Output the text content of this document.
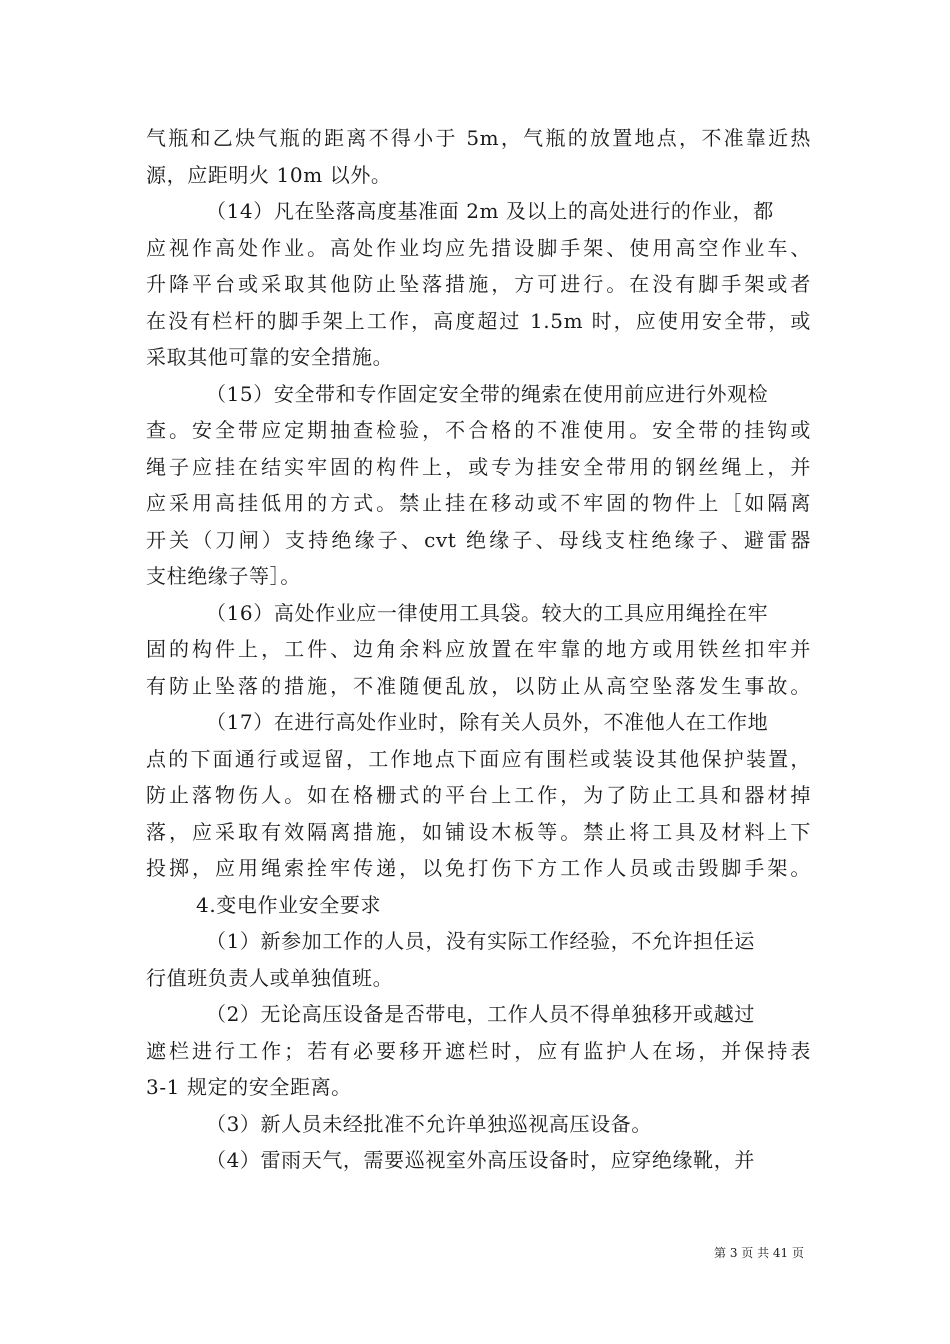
气瓶和乙炔气瓶的距离不得小于 5m，气瓶的放置地点，不准靠近热
源，应距明火 10m 以外。
（14）凡在坠落高度基准面 2m 及以上的高处进行的作业，都
应视作高处作业。高处作业均应先措设脚手架、使用高空作业车、
升降平台或采取其他防止坠落措施，方可进行。在没有脚手架或者
在没有栏杆的脚手架上工作，高度超过 1.5m 时，应使用安全带，或
采取其他可靠的安全措施。
（15）安全带和专作固定安全带的绳索在使用前应进行外观检
查。安全带应定期抽查检验，不合格的不准使用。安全带的挂钩或
绳子应挂在结实牢固的构件上，或专为挂安全带用的钢丝绳上，并
应采用高挂低用的方式。禁止挂在移动或不牢固的物件上［如隔离
开关（刀闸）支持绝缘子、cvt 绝缘子、母线支柱绝缘子、避雷器
支柱绝缘子等］。
（16）高处作业应一律使用工具袋。较大的工具应用绳拴在牢
固的构件上，工件、边角余料应放置在牢靠的地方或用铁丝扣牢并
有防止坠落的措施，不准随便乱放，以防止从高空坠落发生事故。
（17）在进行高处作业时，除有关人员外，不准他人在工作地
点的下面通行或逗留，工作地点下面应有围栏或装设其他保护装置，
防止落物伤人。如在格栅式的平台上工作，为了防止工具和器材掉
落，应采取有效隔离措施，如铺设木板等。禁止将工具及材料上下
投掷，应用绳索拴牢传递，以免打伤下方工作人员或击毁脚手架。
4.变电作业安全要求
（1）新参加工作的人员，没有实际工作经验，不允许担任运
行值班负责人或单独值班。
（2）无论高压设备是否带电，工作人员不得单独移开或越过
遮栏进行工作；若有必要移开遮栏时，应有监护人在场，并保持表
3-1 规定的安全距离。
（3）新人员未经批准不允许单独巡视高压设备。
（4）雷雨天气，需要巡视室外高压设备时，应穿绝缘靴，并
第 3 页 共 41 页
